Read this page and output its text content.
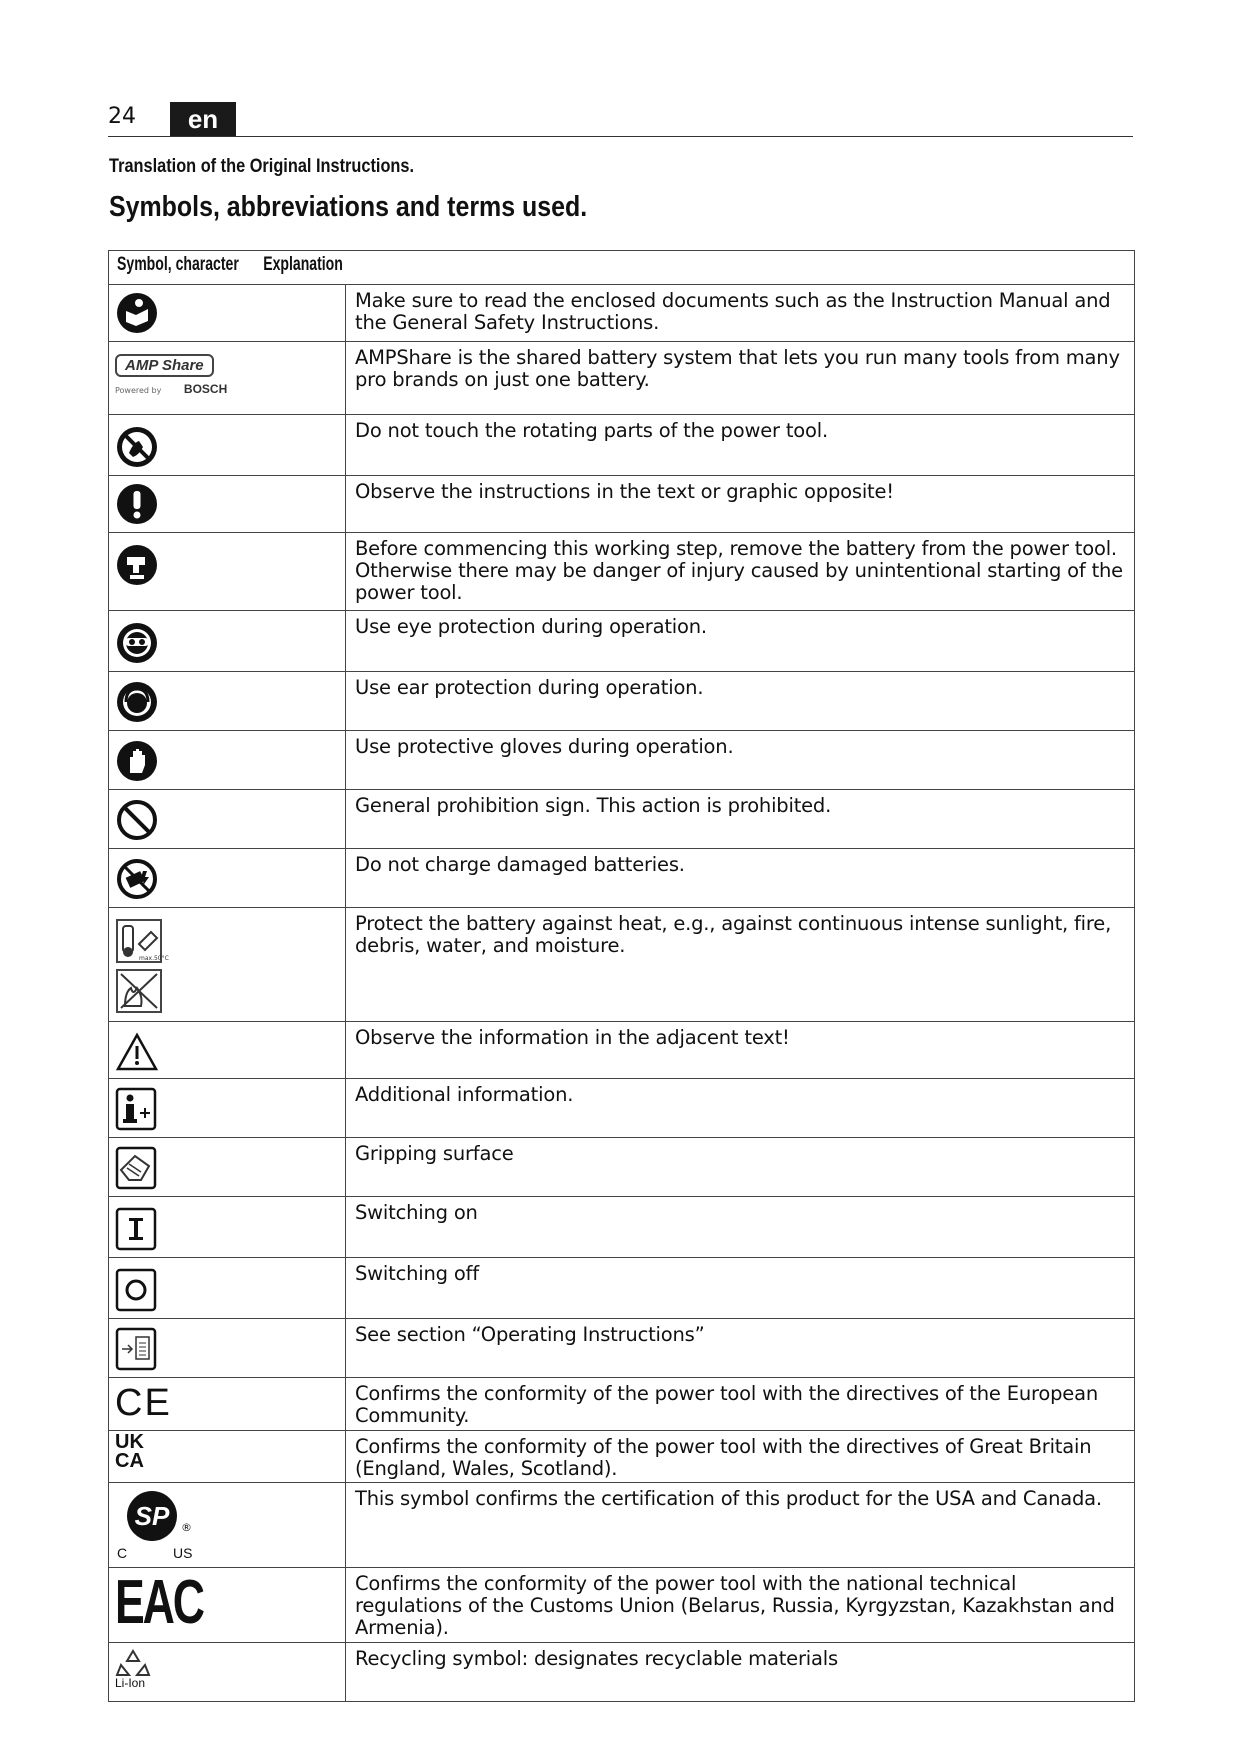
24	en
Translation of the Original Instructions.
Symbols, abbreviations and terms used.
Symbol, character Explanation	

	Make sure to read the enclosed documents such as the Instruction Manual and the General Safety Instructions.

AMP Share
Powered by BOSCH	AMPShare is the shared battery system that lets you run many tools from many pro brands on just one battery.

	Do not touch the rotating parts of the power tool.

	Observe the instructions in the text or graphic opposite!

	Before commencing this working step, remove the battery from the power tool. Otherwise there may be danger of injury caused by unintentional starting of the power tool.

	Use eye protection during operation.

	Use ear protection during operation.

	Use protective gloves during operation.

	General prohibition sign. This action is prohibited.

	Do not charge damaged batteries.

max.50°C	Protect the battery against heat, e.g., against continuous intense sunlight, fire, debris, water, and moisture.

	Observe the information in the adjacent text!

	Additional information.

	Gripping surface

	Switching on

	Switching off

	See section “Operating Instructions”

CE	Confirms the conformity of the power tool with the directives of the European Community.

UK
CA	Confirms the conformity of the power tool with the directives of Great Britain (England, Wales, Scotland).

SP ®
C US	This symbol confirms the certification of this product for the USA and Canada.

EAC	Confirms the conformity of the power tool with the national technical regulations of the Customs Union (Belarus, Russia, Kyrgyzstan, Kazakhstan and Armenia).

Li-Ion	Recycling symbol: designates recyclable materials
